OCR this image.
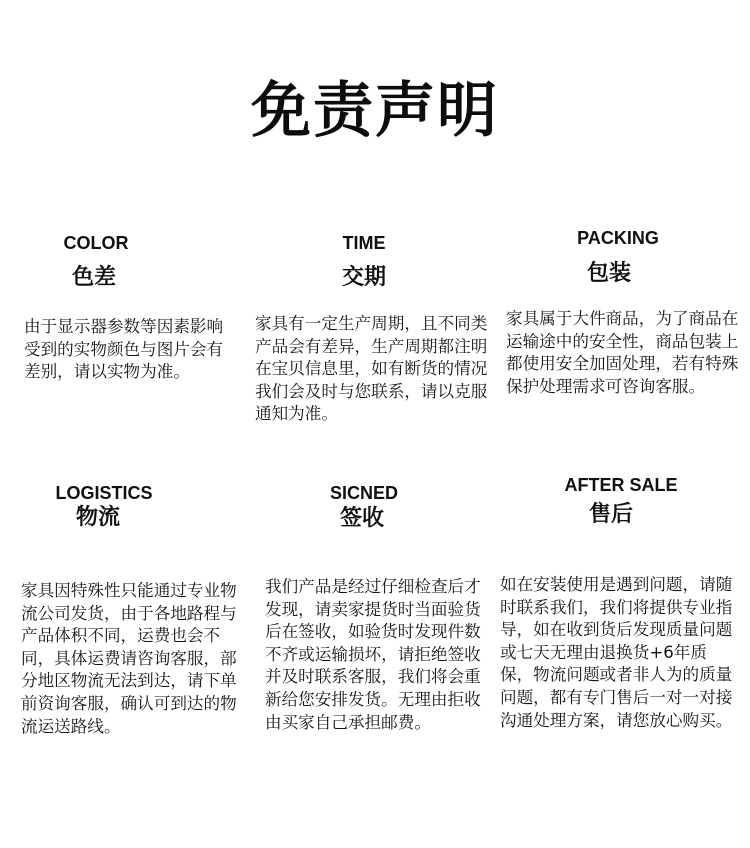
免责声明
COLOR
色差
由于显示器参数等因素影响受到的实物颜色与图片会有差别，请以实物为准。
TIME
交期
家具有一定生产周期，且不同类产品会有差异，生产周期都注明在宝贝信息里，如有断货的情况我们会及时与您联系，请以克服通知为准。
PACKING
包装
家具属于大件商品，为了商品在运输途中的安全性，商品包装上都使用安全加固处理，若有特殊保护处理需求可咨询客服。
LOGISTICS
物流
家具因特殊性只能通过专业物流公司发货，由于各地路程与产品体积不同，运费也会不同，具体运费请咨询客服，部分地区物流无法到达，请下单前资询客服，确认可到达的物流运送路线。
SICNED
签收
我们产品是经过仔细检查后才发现，请卖家提货时当面验货后在签收，如验货时发现件数不齐或运输损坏，请拒绝签收并及时联系客服，我们将会重新给您安排发货。无理由拒收由买家自己承担邮费。
AFTER SALE
售后
如在安装使用是遇到问题，请随时联系我们，我们将提供专业指导，如在收到货后发现质量问题或七天无理由退换货+6年质保，物流问题或者非人为的质量问题，都有专门售后一对一对接沟通处理方案，请您放心购买。
